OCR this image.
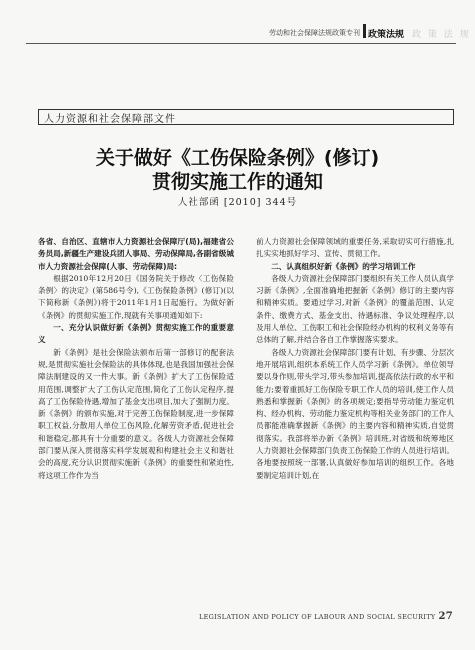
劳动和社会保障法规政策专刊 政策法规 政 策 法 规
人力资源和社会保障部文件
关于做好《工伤保险条例》(修订)
贯彻实施工作的通知
人社部函 [2010] 344号

各省、自治区、直辖市人力资源社会保障厅(局),福建省公务员局,新疆生产建设兵团人事局、劳动保障局,各副省级城市人力资源社会保障(人事、劳动保障)局:

根据2010年12月20日《国务院关于修改〈工伤保险条例〉的决定》(第586号令),《工伤保险条例》(修订)(以下简称新《条例》)将于2011年1月1日起施行。为做好新《条例》的贯彻实施工作,现就有关事项通知如下:

一、充分认识做好新《条例》贯彻实施工作的重要意义

新《条例》是社会保险法颁布后第一部修订的配套法规,是贯彻实施社会保险法的具体体现,也是我国加强社会保障法制建设的又一件大事。新《条例》扩大了工伤保险适用范围,调整扩大了工伤认定范围,简化了工伤认定程序,提高了工伤保险待遇,增加了基金支出项目,加大了强制力度。新《条例》的颁布实施,对于完善工伤保险制度,进一步保障职工权益,分散用人单位工伤风险,化解劳资矛盾,促进社会和谐稳定,都具有十分重要的意义。各级人力资源社会保障部门要从深入贯彻落实科学发展观和构建社会主义和谐社会的高度,充分认识贯彻实施新《条例》的重要性和紧迫性,将这项工作作为当

前人力资源社会保障领域的重要任务,采取切实可行措施,扎扎实实地抓好学习、宣传、贯彻工作。

二、认真组织好新《条例》的学习培训工作

各级人力资源社会保障部门要组织有关工作人员认真学习新《条例》,全面准确地把握新《条例》修订的主要内容和精神实质。要通过学习,对新《条例》的覆盖范围、认定条件、缴费方式、基金支出、待遇标准、争议处理程序,以及用人单位、工伤职工和社会保险经办机构的权利义务等有总体的了解,并结合各自工作掌握落实要求。

各级人力资源社会保障部门要有计划、有步骤、分层次地开展培训,组织本系统工作人员学习新《条例》。单位领导要以身作则,带头学习,带头参加培训,提高依法行政的水平和能力;要着重抓好工伤保险专职工作人员的培训,使工作人员熟悉和掌握新《条例》的各项规定;要指导劳动能力鉴定机构、经办机构、劳动能力鉴定机构等相关业务部门的工作人员都能准确掌握新《条例》的主要内容和精神实质,自觉贯彻落实。我部将举办新《条例》培训班,对省级和统筹地区人力资源社会保障部门负责工伤保险工作的人员进行培训。各地要按照统一部署,认真做好参加培训的组织工作。各地要制定培训计划,在

LEGISLATION AND POLICY OF LABOUR AND SOCIAL SECURITY 27
